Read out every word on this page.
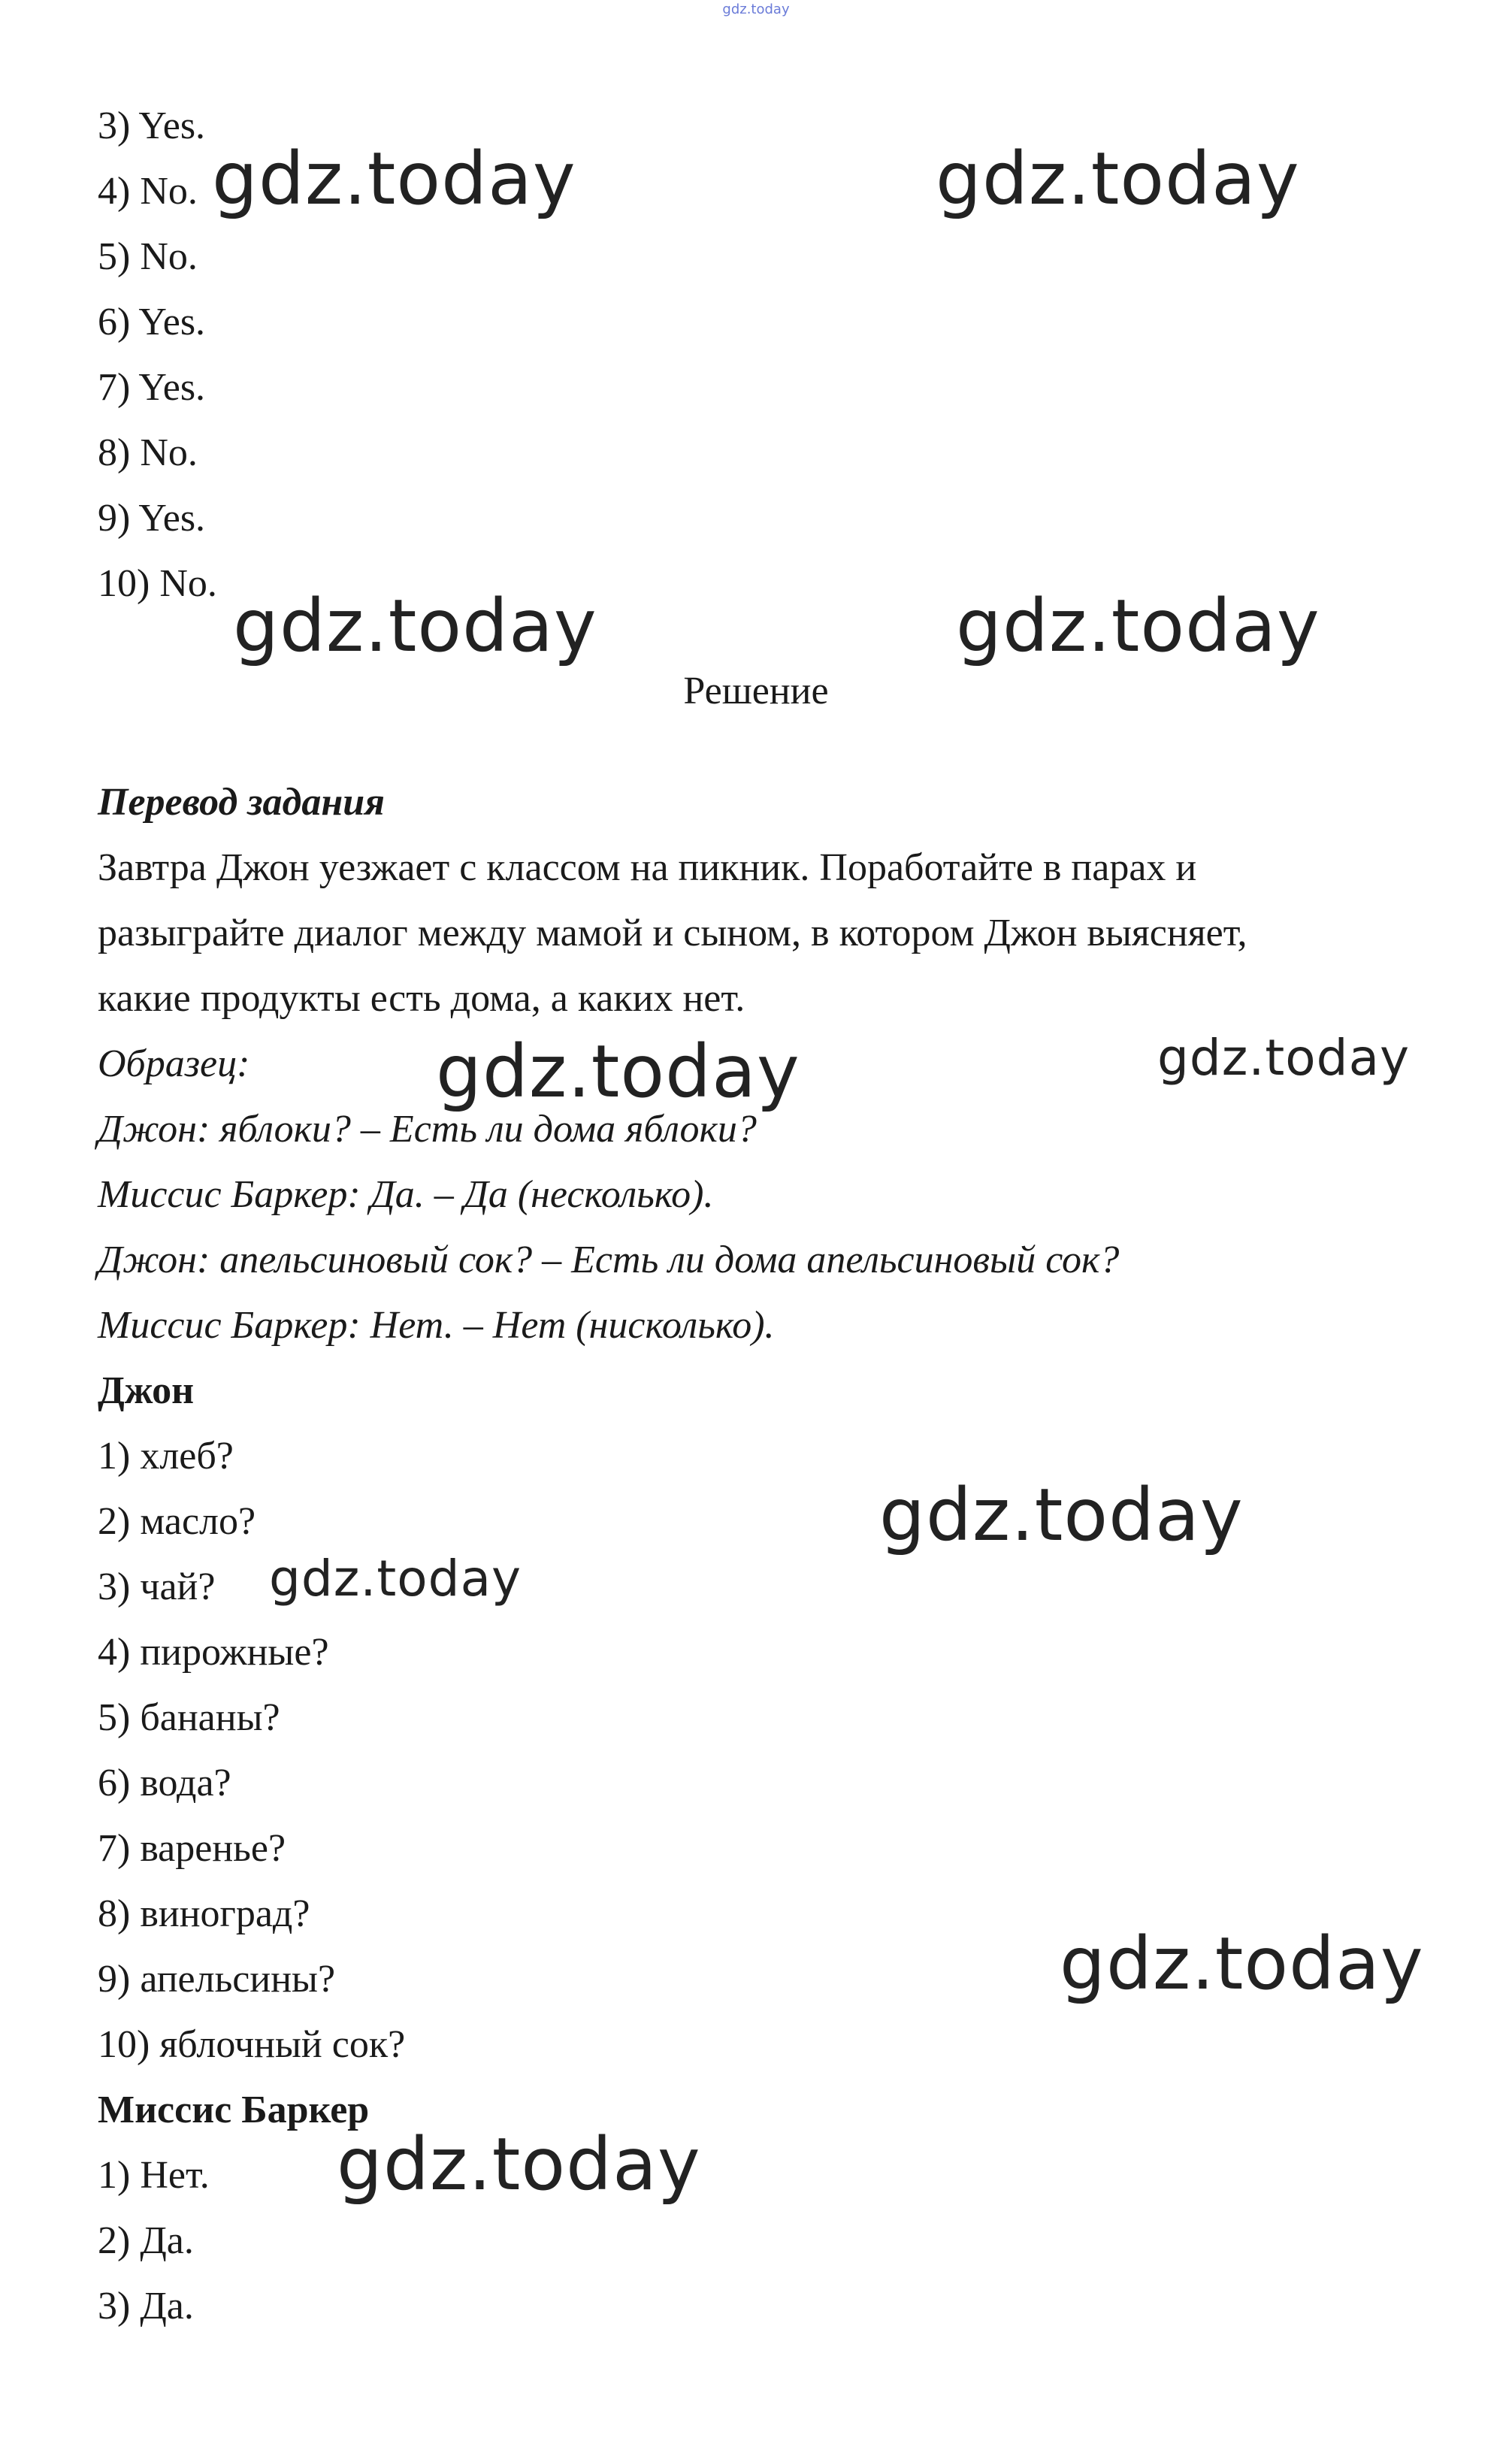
gdz.today
3) Yes.
4) No.
5) No.
6) Yes.
7) Yes.
8) No.
9) Yes.
10) No.
Решение
Перевод задания
Завтра Джон уезжает с классом на пикник. Поработайте в парах и
разыграйте диалог между мамой и сыном, в котором Джон выясняет,
какие продукты есть дома, а каких нет.
Образец:
Джон: яблоки? – Есть ли дома яблоки?
Миссис Баркер: Да. – Да (несколько).
Джон: апельсиновый сок? – Есть ли дома апельсиновый сок?
Миссис Баркер: Нет. – Нет (нисколько).
Джон
1) хлеб?
2) масло?
3) чай?
4) пирожные?
5) бананы?
6) вода?
7) варенье?
8) виноград?
9) апельсины?
10) яблочный сок?
Миссис Баркер
1) Нет.
2) Да.
3) Да.
gdz.today	gdz.today
gdz.today	gdz.today
gdz.today	gdz.today
gdz.today
gdz.today
gdz.today
gdz.today
